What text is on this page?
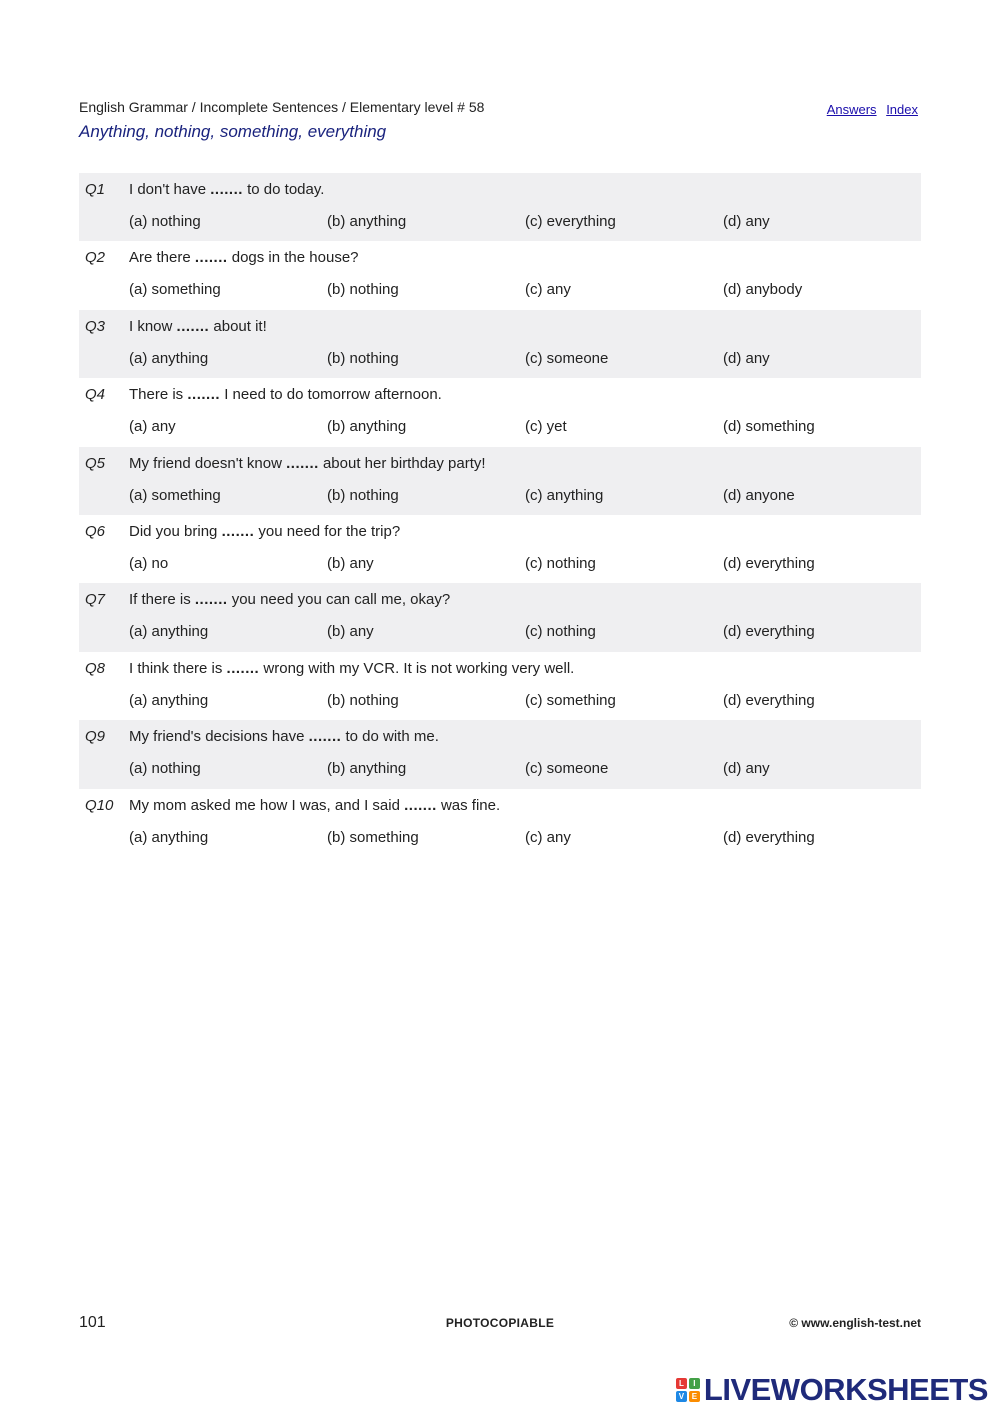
English Grammar / Incomplete Sentences / Elementary level # 58
Anything, nothing, something, everything
Answers Index
Q1	I don't have ....... to do today.
(a) nothing	(b) anything	(c) everything	(d) any
Q2	Are there ....... dogs in the house?
(a) something	(b) nothing	(c) any	(d) anybody
Q3	I know ....... about it!
(a) anything	(b) nothing	(c) someone	(d) any
Q4	There is ....... I need to do tomorrow afternoon.
(a) any	(b) anything	(c) yet	(d) something
Q5	My friend doesn't know ....... about her birthday party!
(a) something	(b) nothing	(c) anything	(d) anyone
Q6	Did you bring ....... you need for the trip?
(a) no	(b) any	(c) nothing	(d) everything
Q7	If there is ....... you need you can call me, okay?
(a) anything	(b) any	(c) nothing	(d) everything
Q8	I think there is ....... wrong with my VCR. It is not working very well.
(a) anything	(b) nothing	(c) something	(d) everything
Q9	My friend's decisions have ....... to do with me.
(a) nothing	(b) anything	(c) someone	(d) any
Q10	My mom asked me how I was, and I said ....... was fine.
(a) anything	(b) something	(c) any	(d) everything
101	PHOTOCOPIABLE	© www.english-test.net
L	I
V E LIVEWORKSHEETS
